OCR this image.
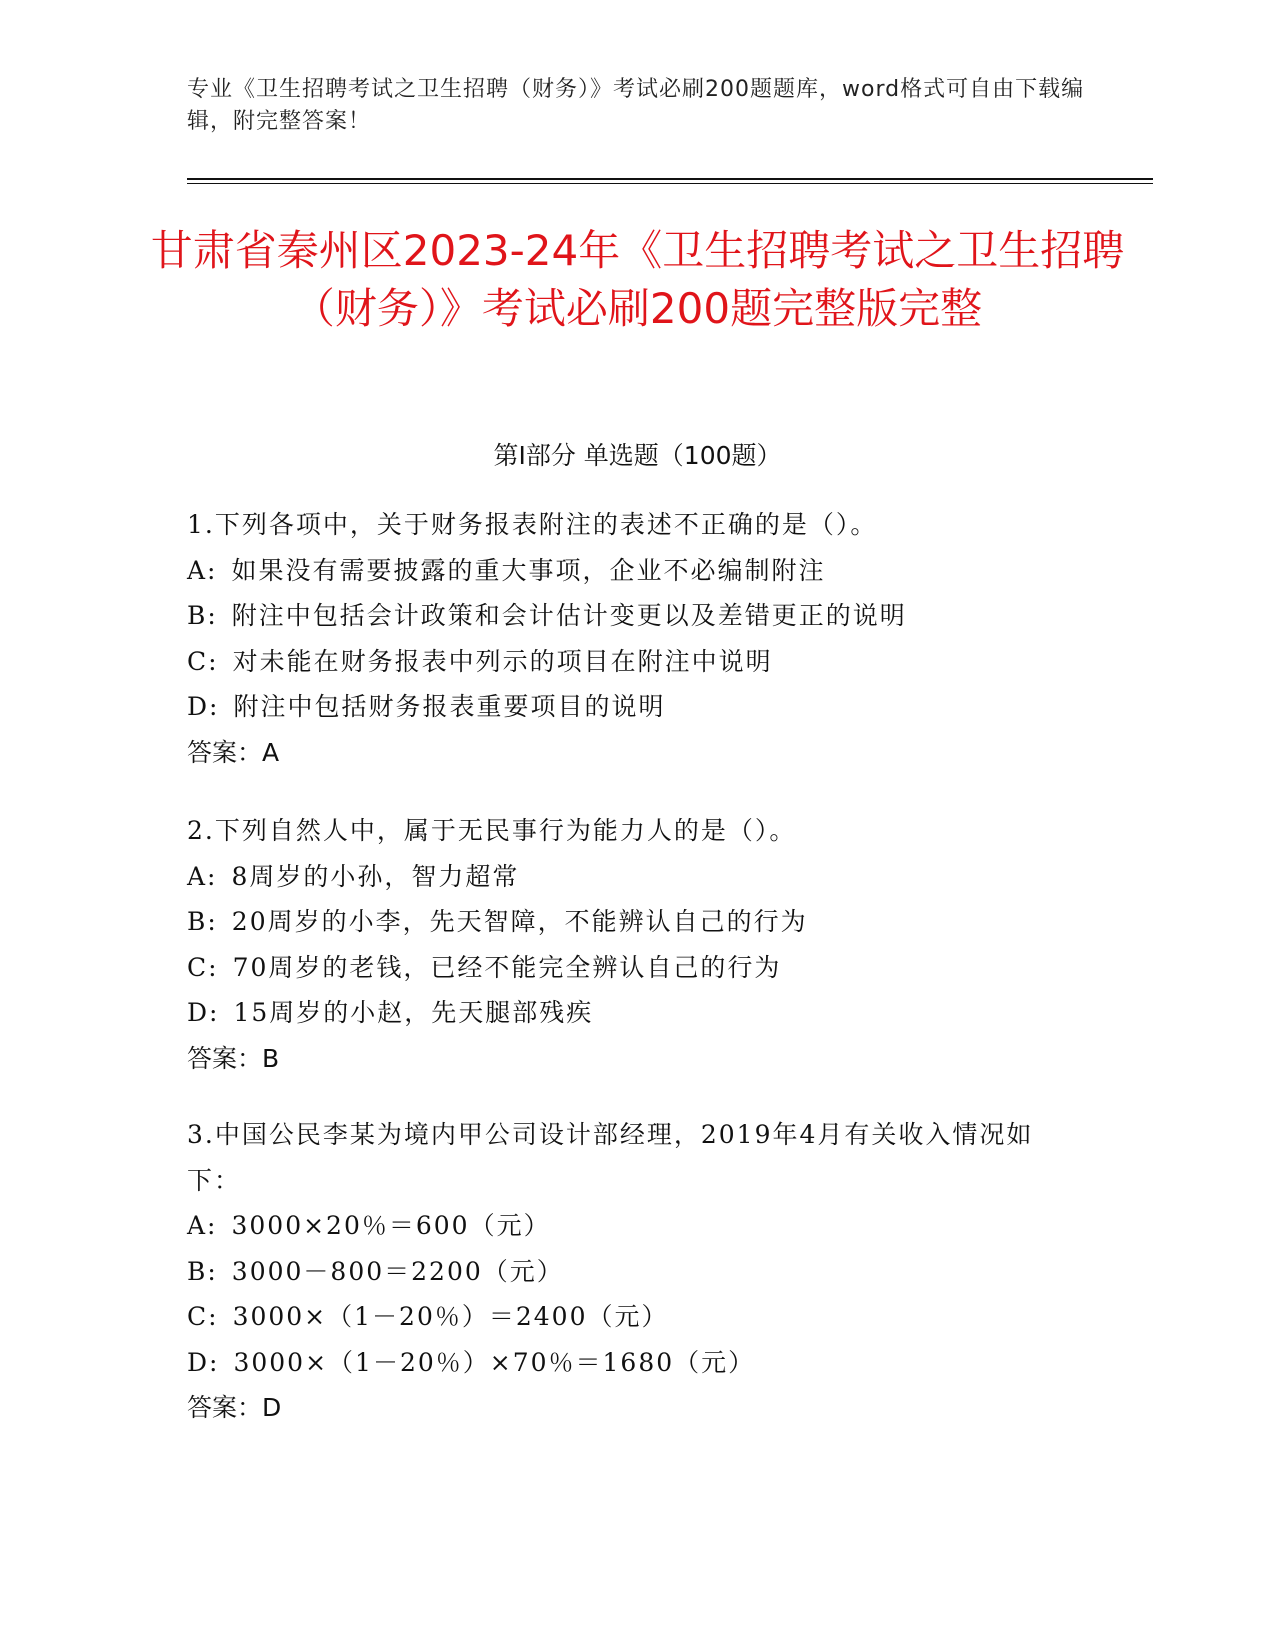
专业《卫生招聘考试之卫生招聘（财务）》考试必刷200题题库，word格式可自由下载编辑，附完整答案！
甘肃省秦州区2023-24年《卫生招聘考试之卫生招聘（财务）》考试必刷200题完整版完整
第Ⅰ部分 单选题（100题）
1.下列各项中，关于财务报表附注的表述不正确的是（）。
A: 如果没有需要披露的重大事项，企业不必编制附注
B: 附注中包括会计政策和会计估计变更以及差错更正的说明
C: 对未能在财务报表中列示的项目在附注中说明
D: 附注中包括财务报表重要项目的说明
答案：A
2.下列自然人中，属于无民事行为能力人的是（）。
A: 8周岁的小孙，智力超常
B: 20周岁的小李，先天智障，不能辨认自己的行为
C: 70周岁的老钱，已经不能完全辨认自己的行为
D: 15周岁的小赵，先天腿部残疾
答案：B
3.中国公民李某为境内甲公司设计部经理，2019年4月有关收入情况如下：
A: 3000×20％＝600（元）
B: 3000－800＝2200（元）
C: 3000×（1－20％）＝2400（元）
D: 3000×（1－20％）×70％＝1680（元）
答案：D
